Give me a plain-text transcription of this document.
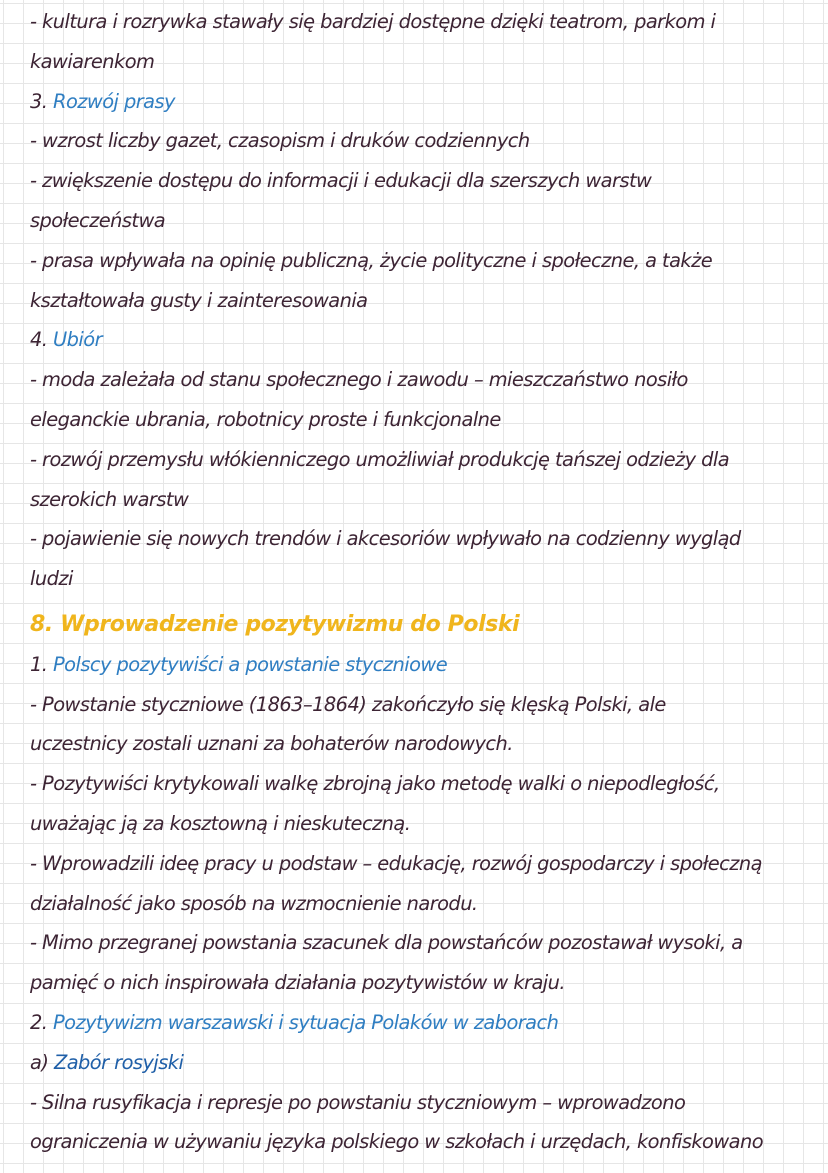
- kultura i rozrywka stawały się bardziej dostępne dzięki teatrom, parkom i
kawiarenkom
3. Rozwój prasy
- wzrost liczby gazet, czasopism i druków codziennych
- zwiększenie dostępu do informacji i edukacji dla szerszych warstw
społeczeństwa
- prasa wpływała na opinię publiczną, życie polityczne i społeczne, a także
kształtowała gusty i zainteresowania
4. Ubiór
- moda zależała od stanu społecznego i zawodu – mieszczaństwo nosiło
eleganckie ubrania, robotnicy proste i funkcjonalne
- rozwój przemysłu włókienniczego umożliwiał produkcję tańszej odzieży dla
szerokich warstw
- pojawienie się nowych trendów i akcesoriów wpływało na codzienny wygląd
ludzi
8. Wprowadzenie pozytywizmu do Polski
1. Polscy pozytywiści a powstanie styczniowe
- Powstanie styczniowe (1863–1864) zakończyło się klęską Polski, ale
uczestnicy zostali uznani za bohaterów narodowych.
- Pozytywiści krytykowali walkę zbrojną jako metodę walki o niepodległość,
uważając ją za kosztowną i nieskuteczną.
- Wprowadzili ideę pracy u podstaw – edukację, rozwój gospodarczy i społeczną
działalność jako sposób na wzmocnienie narodu.
- Mimo przegranej powstania szacunek dla powstańców pozostawał wysoki, a
pamięć o nich inspirowała działania pozytywistów w kraju.
2. Pozytywizm warszawski i sytuacja Polaków w zaborach
a) Zabór rosyjski
- Silna rusyfikacja i represje po powstaniu styczniowym – wprowadzono
ograniczenia w używaniu języka polskiego w szkołach i urzędach, konfiskowano
